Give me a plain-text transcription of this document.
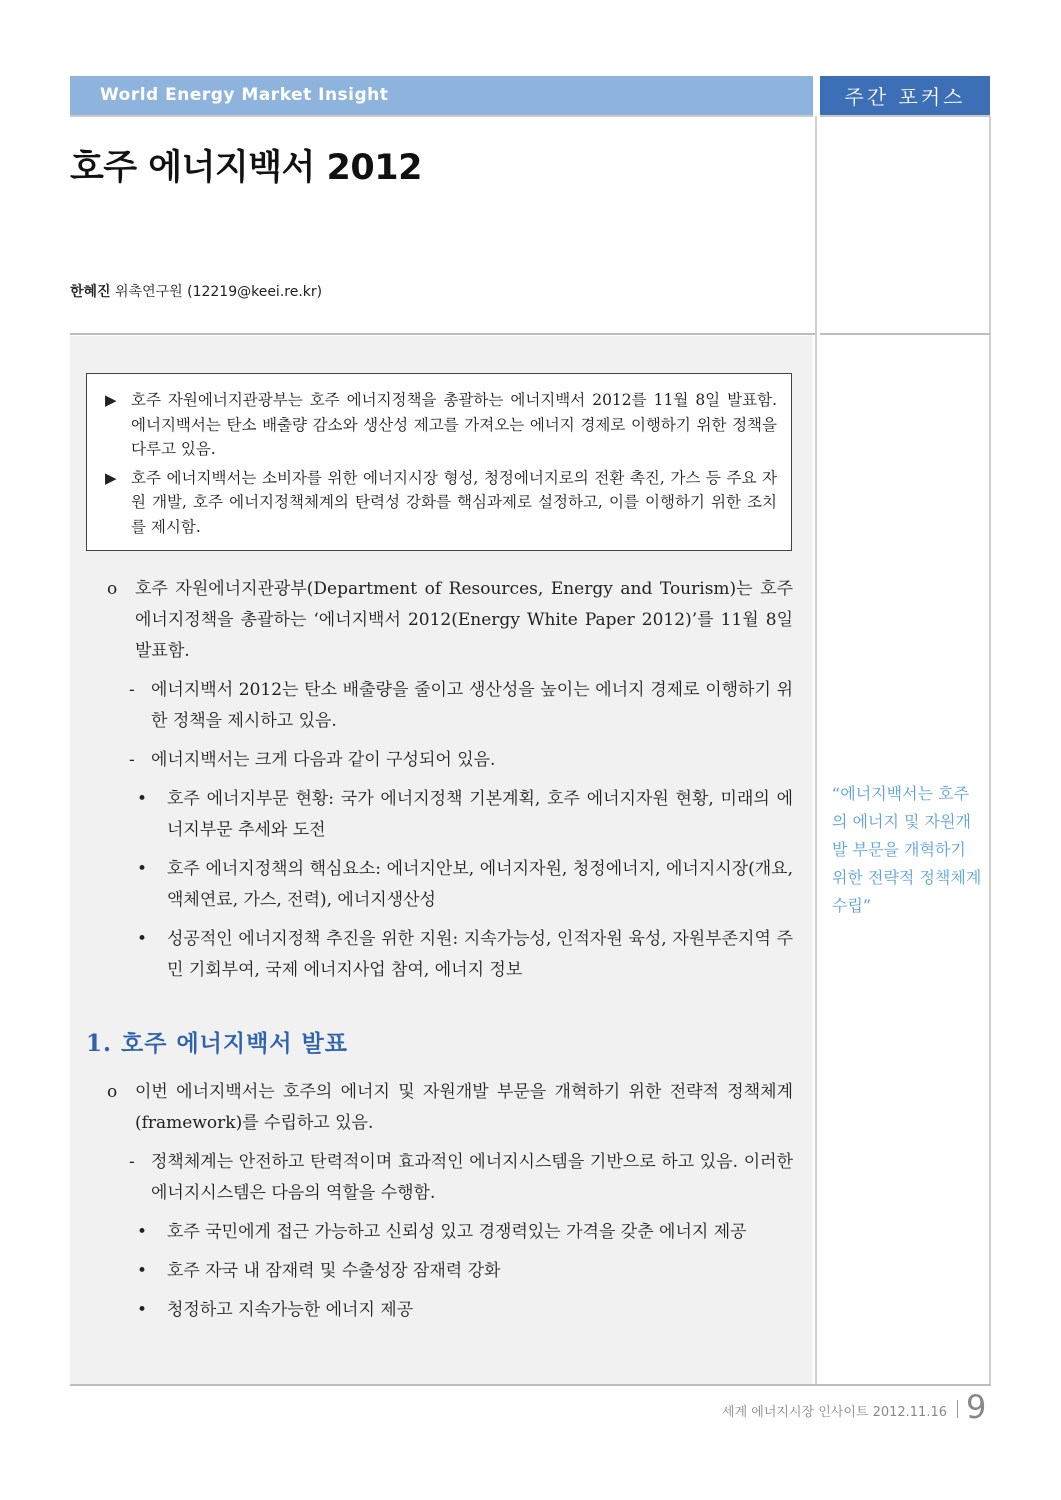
World Energy Market Insight	주간 포커스
호주 에너지백서 2012
한혜진 위촉연구원 (12219@keei.re.kr)
▶ 호주 자원에너지관광부는 호주 에너지정책을 총괄하는 에너지백서 2012를 11월 8일 발표함. 에너지백서는 탄소 배출량 감소와 생산성 제고를 가져오는 에너지 경제로 이행하기 위한 정책을 다루고 있음.
▶ 호주 에너지백서는 소비자를 위한 에너지시장 형성, 청정에너지로의 전환 촉진, 가스 등 주요 자원 개발, 호주 에너지정책체계의 탄력성 강화를 핵심과제로 설정하고, 이를 이행하기 위한 조치를 제시함.
o 호주 자원에너지관광부(Department of Resources, Energy and Tourism)는 호주 에너지정책을 총괄하는 ‘에너지백서 2012(Energy White Paper 2012)’를 11월 8일 발표함.
- 에너지백서 2012는 탄소 배출량을 줄이고 생산성을 높이는 에너지 경제로 이행하기 위한 정책을 제시하고 있음.
- 에너지백서는 크게 다음과 같이 구성되어 있음.
• 호주 에너지부문 현황: 국가 에너지정책 기본계획, 호주 에너지자원 현황, 미래의 에너지부문 추세와 도전
• 호주 에너지정책의 핵심요소: 에너지안보, 에너지자원, 청정에너지, 에너지시장(개요, 액체연료, 가스, 전력), 에너지생산성
• 성공적인 에너지정책 추진을 위한 지원: 지속가능성, 인적자원 육성, 자원부존지역 주민 기회부여, 국제 에너지사업 참여, 에너지 정보
1. 호주 에너지백서 발표
o 이번 에너지백서는 호주의 에너지 및 자원개발 부문을 개혁하기 위한 전략적 정책체계(framework)를 수립하고 있음.
- 정책체계는 안전하고 탄력적이며 효과적인 에너지시스템을 기반으로 하고 있음. 이러한 에너지시스템은 다음의 역할을 수행함.
• 호주 국민에게 접근 가능하고 신뢰성 있고 경쟁력있는 가격을 갖춘 에너지 제공
• 호주 자국 내 잠재력 및 수출성장 잠재력 강화
• 청정하고 지속가능한 에너지 제공
“에너지백서는 호주의 에너지 및 자원개발 부문을 개혁하기 위한 전략적 정책체계 수립”
세계 에너지시장 인사이트 2012.11.16 9
